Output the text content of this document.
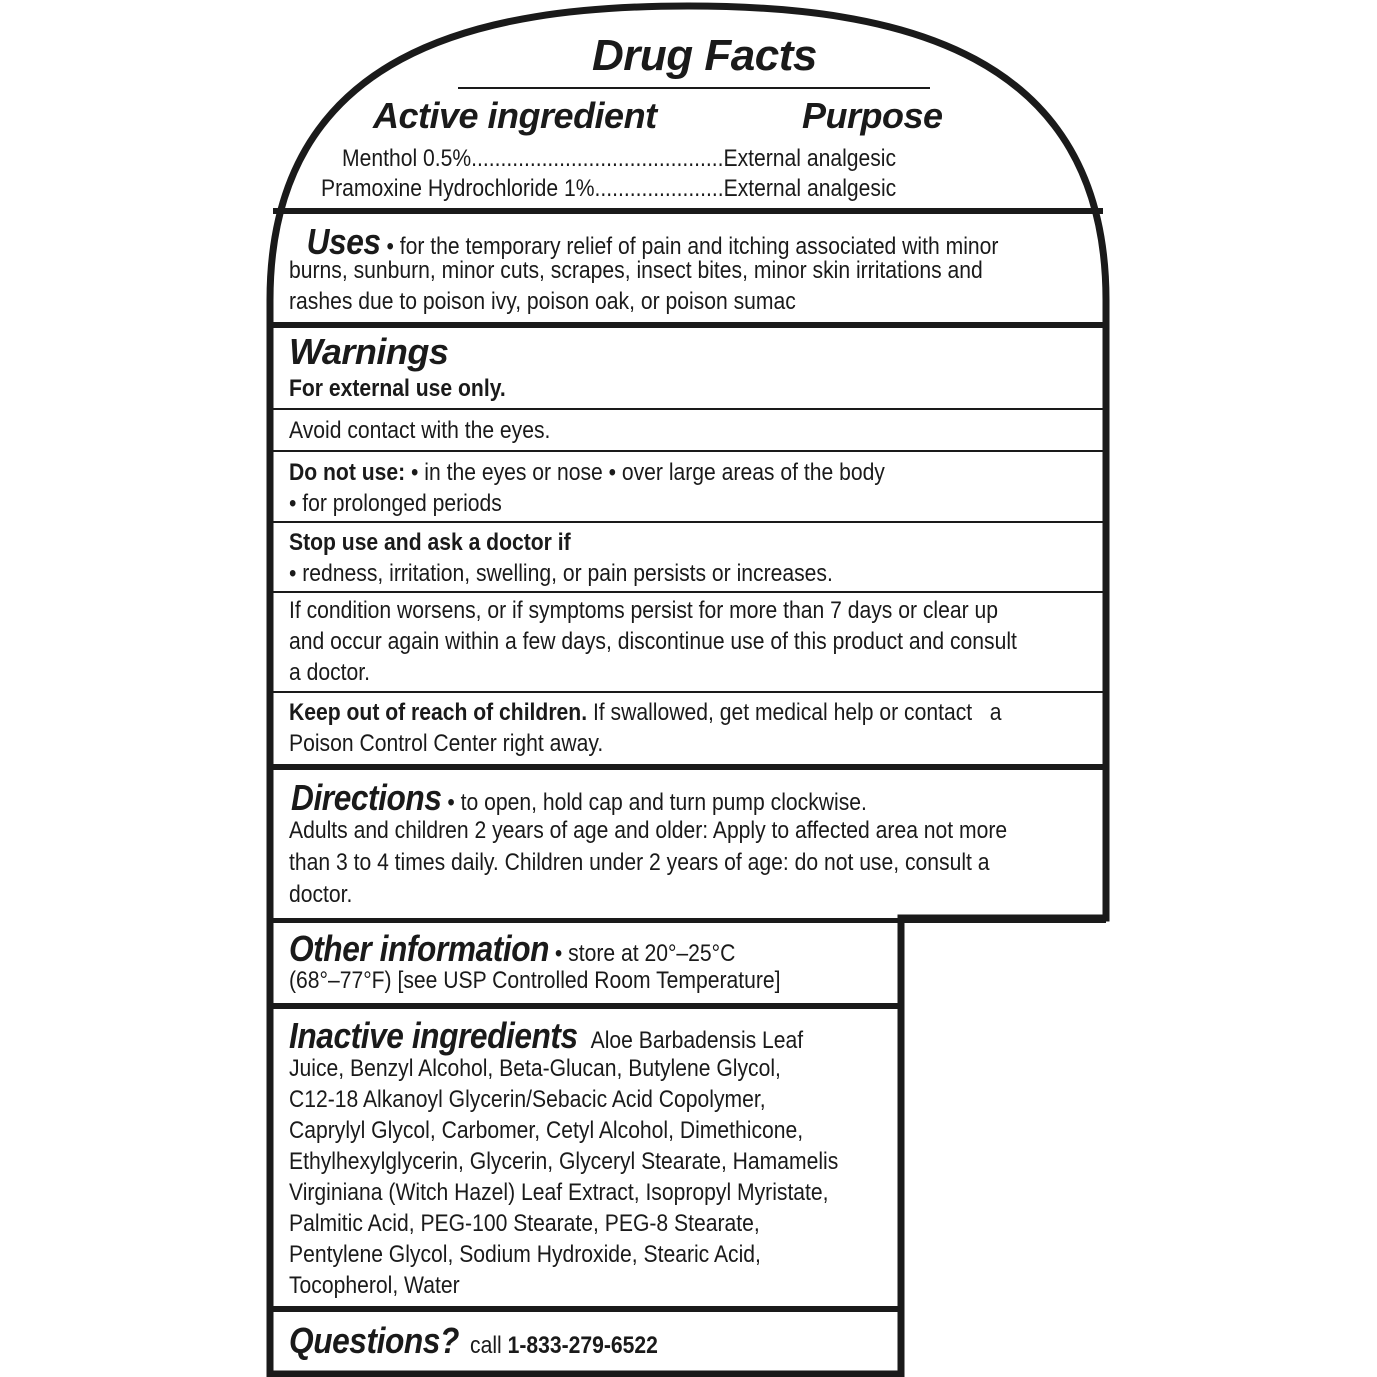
Drug Facts
Active ingredient	Purpose
Menthol 0.5%...........................................External analgesic
Pramoxine Hydrochloride 1%......................External analgesic
Uses • for the temporary relief of pain and itching associated with minor
burns, sunburn, minor cuts, scrapes, insect bites, minor skin irritations and
rashes due to poison ivy, poison oak, or poison sumac
Warnings
For external use only.
Avoid contact with the eyes.
Do not use: • in the eyes or nose • over large areas of the body
• for prolonged periods
Stop use and ask a doctor if
• redness, irritation, swelling, or pain persists or increases.
If condition worsens, or if symptoms persist for more than 7 days or clear up
and occur again within a few days, discontinue use of this product and consult
a doctor.
Keep out of reach of children. If swallowed, get medical help or contact   a
Poison Control Center right away.
Directions • to open, hold cap and turn pump clockwise.
Adults and children 2 years of age and older: Apply to affected area not more
than 3 to 4 times daily. Children under 2 years of age: do not use, consult a
doctor.
Other information • store at 20°–25°C
(68°–77°F) [see USP Controlled Room Temperature]
Inactive ingredients Aloe Barbadensis Leaf
Juice, Benzyl Alcohol, Beta-Glucan, Butylene Glycol,
C12-18 Alkanoyl Glycerin/Sebacic Acid Copolymer,
Caprylyl Glycol, Carbomer, Cetyl Alcohol, Dimethicone,
Ethylhexylglycerin, Glycerin, Glyceryl Stearate, Hamamelis
Virginiana (Witch Hazel) Leaf Extract, Isopropyl Myristate,
Palmitic Acid, PEG-100 Stearate, PEG-8 Stearate,
Pentylene Glycol, Sodium Hydroxide, Stearic Acid,
Tocopherol, Water
Questions? call 1-833-279-6522
